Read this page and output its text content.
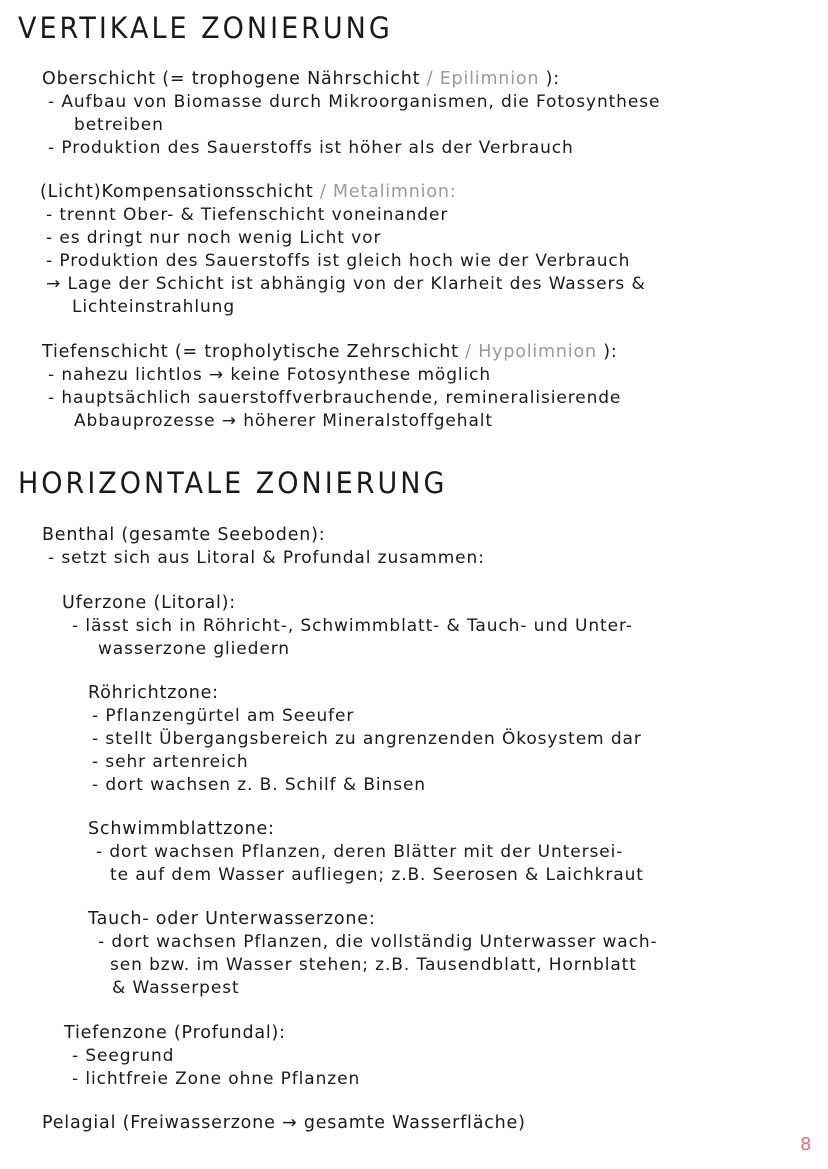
VERTIKALE ZONIERUNG
Oberschicht (= trophogene Nährschicht / Epilimnion ):
- Aufbau von Biomasse durch Mikroorganismen, die Fotosynthese
betreiben
- Produktion des Sauerstoffs ist höher als der Verbrauch
(Licht)Kompensationsschicht / Metalimnion:
- trennt Ober- & Tiefenschicht voneinander
- es dringt nur noch wenig Licht vor
- Produktion des Sauerstoffs ist gleich hoch wie der Verbrauch
→ Lage der Schicht ist abhängig von der Klarheit des Wassers &
Lichteinstrahlung
Tiefenschicht (= tropholytische Zehrschicht / Hypolimnion ):
- nahezu lichtlos → keine Fotosynthese möglich
- hauptsächlich sauerstoffverbrauchende, remineralisierende
Abbauprozesse → höherer Mineralstoffgehalt
HORIZONTALE ZONIERUNG
Benthal (gesamte Seeboden):
- setzt sich aus Litoral & Profundal zusammen:
Uferzone (Litoral):
- lässt sich in Röhricht-, Schwimmblatt- & Tauch- und Unter-
wasserzone gliedern
Röhrichtzone:
- Pflanzengürtel am Seeufer
- stellt Übergangsbereich zu angrenzenden Ökosystem dar
- sehr artenreich
- dort wachsen z. B. Schilf & Binsen
Schwimmblattzone:
- dort wachsen Pflanzen, deren Blätter mit der Untersei-
te auf dem Wasser aufliegen; z.B. Seerosen & Laichkraut
Tauch- oder Unterwasserzone:
- dort wachsen Pflanzen, die vollständig Unterwasser wach-
sen bzw. im Wasser stehen; z.B. Tausendblatt, Hornblatt
& Wasserpest
Tiefenzone (Profundal):
- Seegrund
- lichtfreie Zone ohne Pflanzen
Pelagial (Freiwasserzone → gesamte Wasserfläche)
8
